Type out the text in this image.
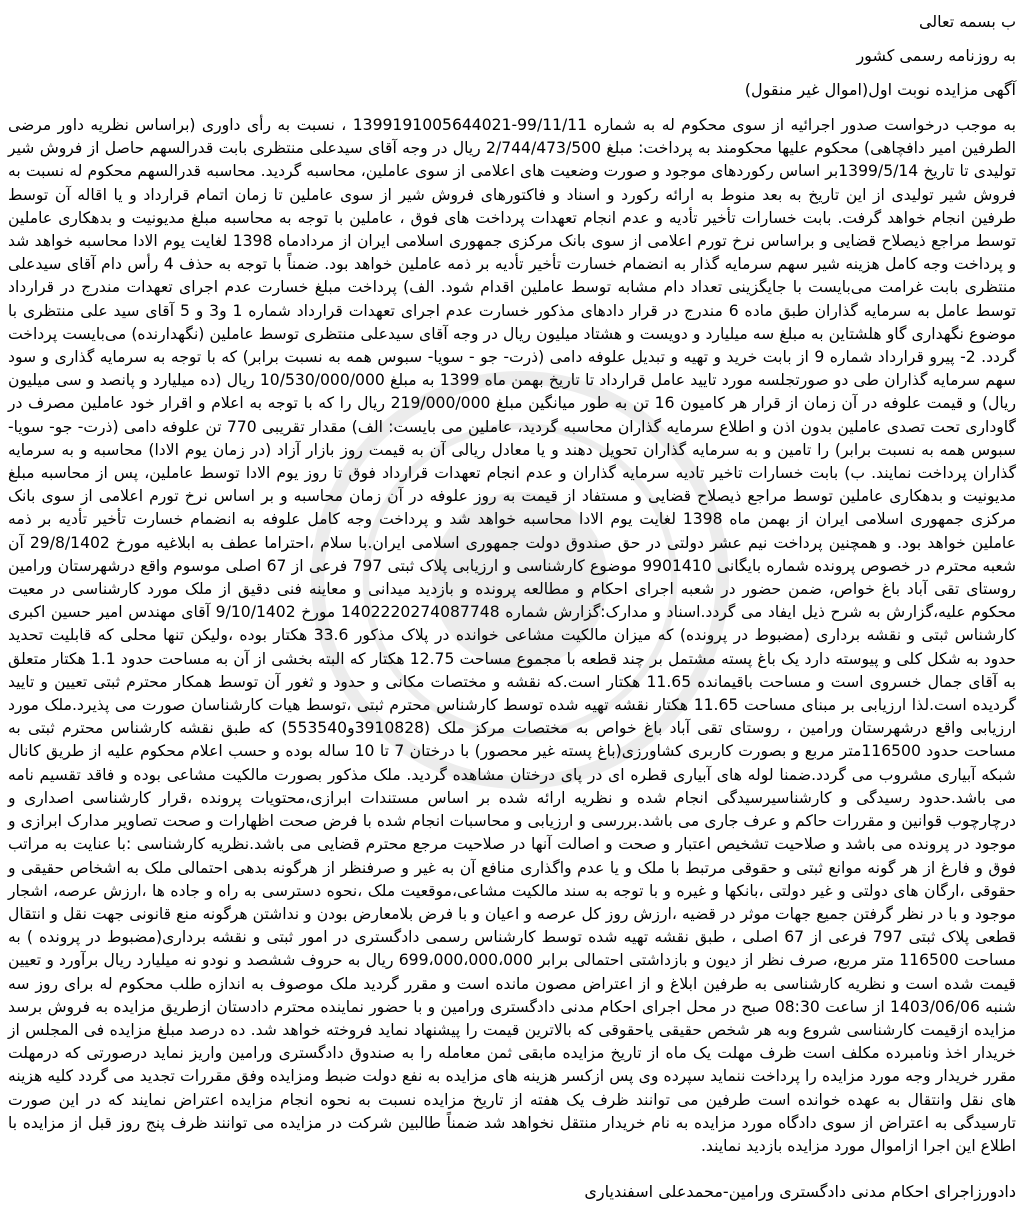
ب بسمه تعالی

به روزنامه رسمی کشور

آگهی مزایده نوبت اول(اموال غیر منقول)

به موجب درخواست صدور اجرائیه از سوی محکوم له به شماره 139919100564402‪1‬-99/11/11 ، نسبت به رأی داوری (براساس نظریه داور مرضی الطرفین امیر دافچاهی) محکوم علیها محکومند به پرداخت: مبلغ 2/744/473/500 ریال در وجه آقای سیدعلی منتظری بابت قدرالسهم حاصل از فروش شیر تولیدی تا تاریخ 1399/5/14بر اساس رکوردهای موجود و صورت وضعیت های اعلامی از سوی عاملین، محاسبه گردید. محاسبه قدرالسهم محکوم له نسبت به فروش شیر تولیدی از این تاریخ به بعد منوط به ارائه رکورد و اسناد و فاکتورهای فروش شیر از سوی عاملین تا زمان اتمام قرارداد و یا اقاله آن توسط طرفین انجام خواهد گرفت. بابت خسارات تأخیر تأدیه و عدم انجام تعهدات پرداخت های فوق ، عاملین با توجه به محاسبه مبلغ مدیونیت و بدهکاری عاملین توسط مراجع ذیصلاح قضایی و براساس نرخ تورم اعلامی از سوی بانک مرکزی جمهوری اسلامی ایران از مردادماه 1398 لغایت یوم الادا محاسبه خواهد شد و پرداخت وجه کامل هزینه شیر سهم سرمایه گذار به انضمام خسارت تأخیر تأدیه بر ذمه عاملین خواهد بود. ضمناً با توجه به حذف 4 رأس دام آقای سیدعلی منتظری بابت غرامت می‌بایست با جایگزینی تعداد دام مشابه توسط عاملین اقدام شود. الف) پرداخت مبلغ خسارت عدم اجرای تعهدات مندرج در قرارداد توسط عامل به سرمایه گذاران طبق ماده 6 مندرج در قرار دادهای مذکور خسارت عدم اجرای تعهدات قرارداد شماره 1 و3 و 5 آقای سید علی منتظری با موضوع نگهداری گاو هلشتاین به مبلغ سه میلیارد و دویست و هشتاد میلیون ریال در وجه آقای سیدعلی منتظری توسط عاملین (نگهدارنده) می‌بایست پرداخت گردد. 2- پیرو قرارداد شماره 9 از بابت خرید و تهیه و تبدیل علوفه دامی (ذرت- جو - سویا- سبوس همه به نسبت برابر) که با توجه به سرمایه گذاری و سود سهم سرمایه گذاران طی دو صورتجلسه مورد تایید عامل قرارداد تا تاریخ بهمن ماه 1399 به مبلغ 10/530/000/000 ریال (ده میلیارد و پانصد و سی میلیون ریال) و قیمت علوفه در آن زمان از قرار هر کامیون 16 تن به طور میانگین مبلغ 219/000/000 ریال را که با توجه به اعلام و اقرار خود عاملین مصرف در گاوداری تحت تصدی عاملین بدون اذن و اطلاع سرمایه گذاران محاسبه گردید، عاملین می بایست: الف) مقدار تقریبی 770 تن علوفه دامی (ذرت- جو- سویا- سبوس همه به نسبت برابر) را تامین و به سرمایه گذاران تحویل دهند و یا معادل ریالی آن به قیمت روز بازار آزاد (در زمان یوم الادا) محاسبه و به سرمایه گذاران پرداخت نمایند. ب) بابت خسارات تاخیر تادیه سرمایه گذاران و عدم انجام تعهدات قرارداد فوق تا روز یوم الادا توسط عاملین، پس از محاسبه مبلغ مدیونیت و بدهکاری عاملین توسط مراجع ذیصلاح قضایی و مستفاد از قیمت به روز علوفه در آن زمان محاسبه و بر اساس نرخ تورم اعلامی از سوی بانک مرکزی جمهوری اسلامی ایران از بهمن ماه 1398 لغایت یوم الادا محاسبه خواهد شد و پرداخت وجه کامل علوفه به انضمام خسارت تأخیر تأدیه بر ذمه عاملین خواهد بود. و همچنین پرداخت نیم عشر دولتی در حق صندوق دولت جمهوری اسلامی ایران.با سلام ،احتراما عطف به ابلاغیه مورخ 29/8/1402 آن شعبه محترم در خصوص پرونده شماره بایگانی 9901410 موضوع کارشناسی و ارزیابی پلاک ثبتی 797 فرعی از 67 اصلی موسوم واقع درشهرستان ورامین روستای تقی آباد باغ خواص، ضمن حضور در شعبه اجرای احکام و مطالعه پرونده و بازدید میدانی و معاینه فنی دقیق از ملک مورد کارشناسی در معیت محکوم علیه،گزارش به شرح ذیل ایفاد می گردد.اسناد و مدارک:گزارش شماره 1402220274087748 مورخ 9/10/1402 آقای مهندس امیر حسین اکبری کارشناس ثبتی و نقشه برداری (مضبوط در پرونده) که میزان مالکیت مشاعی خوانده در پلاک مذکور 33.6 هکتار بوده ،ولیکن تنها محلی که قابلیت تحدید حدود به شکل کلی و پیوسته دارد یک باغ پسته مشتمل بر چند قطعه با مجموع مساحت 12.75 هکتار که البته بخشی از آن به مساحت حدود 1.1 هکتار متعلق به آقای جمال خسروی است و مساحت باقیمانده 11.65 هکتار است.که نقشه و مختصات مکانی و حدود و ثغور آن توسط همکار محترم ثبتی تعیین و تایید گردیده است.لذا ارزیابی بر مبنای مساحت 11.65 هکتار نقشه تهیه شده توسط کارشناس محترم ثبتی ،توسط هیات کارشناسان صورت می پذیرد.ملک مورد ارزیابی واقع درشهرستان ورامین ، روستای تقی آباد باغ خواص به مختصات مرکز ملک (3910828و553540) که طبق نقشه کارشناس محترم ثبتی به مساحت حدود 116500متر مربع و بصورت کاربری کشاورزی(باغ پسته غیر محصور) با درختان 7 تا 10 ساله بوده و حسب اعلام محکوم علیه از طریق کانال شبکه آبیاری مشروب می گردد.ضمنا لوله های آبیاری قطره ای در پای درختان مشاهده گردید. ملک مذکور بصورت مالکیت مشاعی بوده و فاقد تقسیم نامه می باشد.حدود رسیدگی و کارشناسیرسیدگی انجام شده و نظریه ارائه شده بر اساس مستندات ابرازی،محتویات پرونده ،قرار کارشناسی اصداری و درچارچوب قوانین و مقررات حاکم و عرف جاری می باشد.بررسی و ارزیابی و محاسبات انجام شده با فرض صحت اظهارات و صحت تصاویر مدارک ابرازی و موجود در پرونده می باشد و صلاحیت تشخیص اعتبار و صحت و اصالت آنها در صلاحیت مرجع محترم قضایی می باشد.نظریه کارشناسی :با عنایت به مراتب فوق و فارغ از هر گونه موانع ثبتی و حقوقی مرتبط با ملک و یا عدم واگذاری منافع آن به غیر و صرفنظر از هرگونه بدهی احتمالی ملک به اشخاص حقیقی و حقوقی ،ارگان های دولتی و غیر دولتی ،بانکها و غیره و با توجه به سند مالکیت مشاعی،موقعیت ملک ،نحوه دسترسی به راه و جاده ها ،ارزش عرصه، اشجار موجود و با در نظر گرفتن جمیع جهات موثر در قضیه ،ارزش روز کل عرصه و اعیان و با فرض بلامعارض بودن و نداشتن هرگونه منع قانونی جهت نقل و انتقال قطعی پلاک ثبتی 797 فرعی از 67 اصلی ، طبق نقشه تهیه شده توسط کارشناس رسمی دادگستری در امور ثبتی و نقشه برداری(مضبوط در پرونده ) به مساحت 116500 متر مربع، صرف نظر از دیون و بازداشتی احتمالی برابر 699،000،000،000 ریال به حروف ششصد و نودو نه میلیارد ریال برآورد و تعیین قیمت شده است و نظریه کارشناسی به طرفین ابلاغ و از اعتراض مصون مانده است و مقرر گردید ملک موصوف به اندازه طلب محکوم له برای روز سه شنبه 1403/06/06 از ساعت 08:30 صبح در محل اجرای احکام مدنی دادگستری ورامین و با حضور نماینده محترم دادستان ازطریق مزایده به فروش برسد مزایده ازقیمت کارشناسی شروع وبه هر شخص حقیقی یاحقوقی که بالاترین قیمت را پیشنهاد نماید فروخته خواهد شد. ده درصد مبلغ مزایده فی المجلس از خریدار اخذ ونامبرده مکلف است ظرف مهلت یک ماه از تاریخ مزایده مابقی ثمن معامله را به صندوق دادگستری ورامین واریز نماید درصورتی که درمهلت مقرر خریدار وجه مورد مزایده را پرداخت ننماید سپرده وی پس ازکسر هزینه های مزایده به نفع دولت ضبط ومزایده وفق مقررات تجدید می گردد کلیه هزینه های نقل وانتقال به عهده خوانده است طرفین می توانند ظرف یک هفته از تاریخ مزایده نسبت به نحوه انجام مزایده اعتراض نمایند که در این صورت تارسیدگی به اعتراض از سوی دادگاه مورد مزایده به نام خریدار منتقل نخواهد شد ضمناً طالبین شرکت در مزایده می توانند ظرف پنج روز قبل از مزایده با اطلاع این اجرا ازاموال مورد مزایده بازدید نمایند.
دادورزاجرای احکام مدنی دادگستری ورامین-محمدعلی اسفندیاری
